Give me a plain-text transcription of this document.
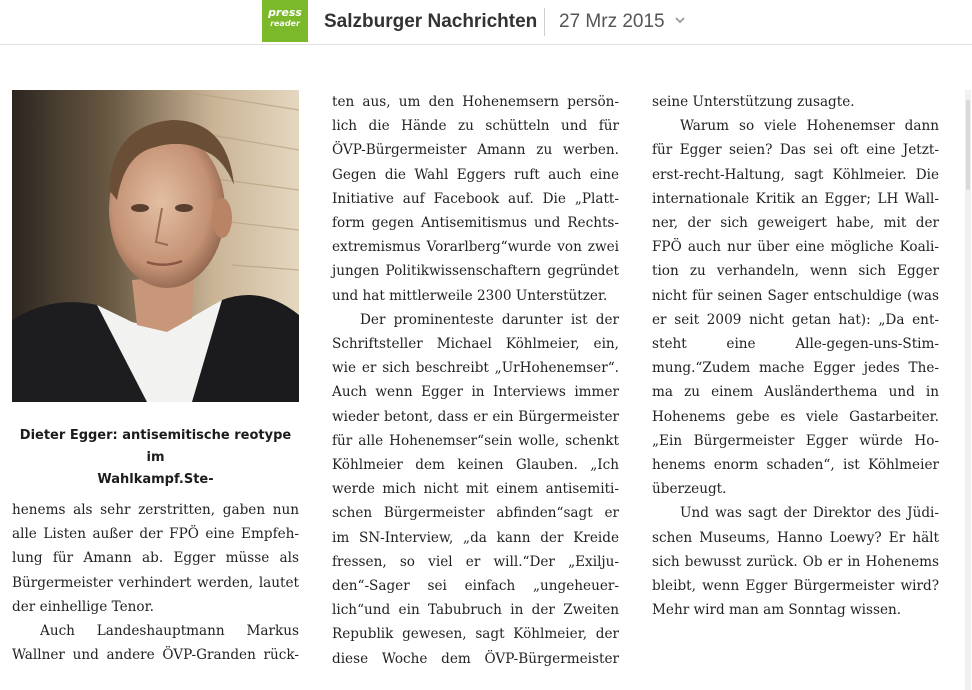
press
reader	Salzburger Nachrichten 27 Mrz 2015
Dieter Egger: antisemitische reotype im
Wahlkampf.Ste-

henems als sehr zerstritten, gaben nun

alle Listen außer der FPÖ eine Empfeh-

lung für Amann ab. Egger müsse als

Bürgermeister verhindert werden, lautet

der einhellige Tenor.

Auch Landeshauptmann Markus

Wallner und andere ÖVP-Granden rück-

ten aus, um den Hohenemsern persön-

lich die Hände zu schütteln und für

ÖVP-Bürgermeister Amann zu werben.

Gegen die Wahl Eggers ruft auch eine

Initiative auf Facebook auf. Die „Platt-

form gegen Antisemitismus und Rechts-

extremismus Vorarlberg“wurde von zwei

jungen Politikwissenschaftern gegründet

und hat mittlerweile 2300 Unterstützer.

Der prominenteste darunter ist der

Schriftsteller Michael Köhlmeier, ein,

wie er sich beschreibt „UrHohenemser“.

Auch wenn Egger in Interviews immer

wieder betont, dass er ein Bürgermeister

für alle Hohenemser“sein wolle, schenkt

Köhlmeier dem keinen Glauben. „Ich

werde mich nicht mit einem antisemiti-

schen Bürgermeister abfinden“sagt er

im SN-Interview, „da kann der Kreide

fressen, so viel er will.“Der „Exilju-

den“-Sager sei einfach „ungeheuer-

lich“und ein Tabubruch in der Zweiten

Republik gewesen, sagt Köhlmeier, der

diese Woche dem ÖVP-Bürgermeister

seine Unterstützung zusagte.

Warum so viele Hohenemser dann

für Egger seien? Das sei oft eine Jetzt-

erst-recht-Haltung, sagt Köhlmeier. Die

internationale Kritik an Egger; LH Wall-

ner, der sich geweigert habe, mit der

FPÖ auch nur über eine mögliche Koali-

tion zu verhandeln, wenn sich Egger

nicht für seinen Sager entschuldige (was

er seit 2009 nicht getan hat): „Da ent-

steht eine Alle-gegen-uns-Stim-

mung.“Zudem mache Egger jedes The-

ma zu einem Ausländerthema und in

Hohenems gebe es viele Gastarbeiter.

„Ein Bürgermeister Egger würde Ho-

henems enorm schaden“, ist Köhlmeier

überzeugt.

Und was sagt der Direktor des Jüdi-

schen Museums, Hanno Loewy? Er hält

sich bewusst zurück. Ob er in Hohenems

bleibt, wenn Egger Bürgermeister wird?

Mehr wird man am Sonntag wissen.
